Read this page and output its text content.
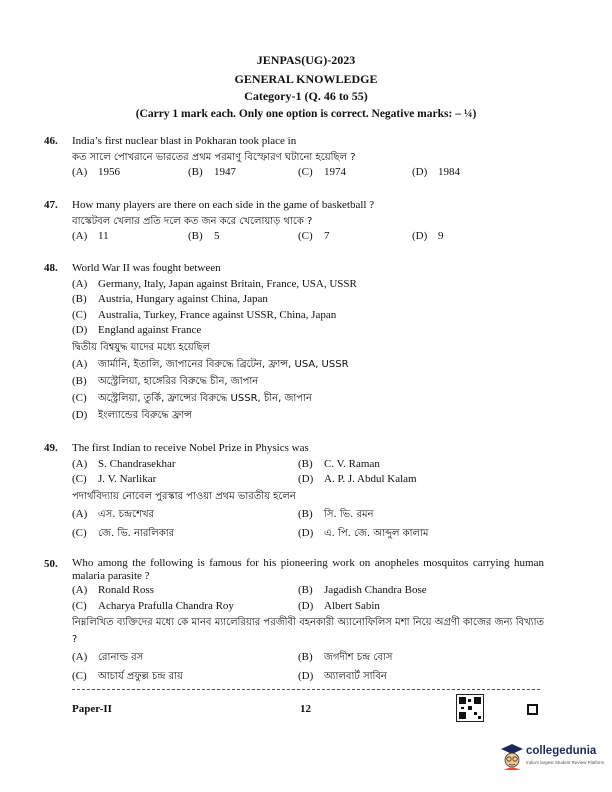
JENPAS(UG)-2023
GENERAL KNOWLEDGE
Category-1 (Q. 46 to 55)
(Carry 1 mark each. Only one option is correct. Negative marks: – ¼)
46. India’s first nuclear blast in Pokharan took place in
কত সালে পোখরানে ভারতের প্রথম পরমাণু বিস্ফোরণ ঘটানো হয়েছিল ?
(A) 1956	(B) 1947	(C) 1974	(D) 1984
47. How many players are there on each side in the game of basketball ?
বাস্কেটবল খেলার প্রতি দলে কত জন করে খেলোয়াড় থাকে ?
(A) 11	(B) 5	(C) 7	(D) 9
48. World War II was fought between
(A) Germany, Italy, Japan against Britain, France, USA, USSR
(B) Austria, Hungary against China, Japan
(C) Australia, Turkey, France against USSR, China, Japan
(D) England against France
দ্বিতীয় বিশ্বযুদ্ধ যাদের মধ্যে হয়েছিল
(A) জার্মানি, ইতালি, জাপানের বিরুদ্ধে ব্রিটেন, ফ্রান্স, USA, USSR
(B) অস্ট্রেলিয়া, হাঙ্গেরির বিরুদ্ধে চীন, জাপান
(C) অস্ট্রেলিয়া, তুর্কি, ফ্রান্সের বিরুদ্ধে USSR, চীন, জাপান
(D) ইংল্যান্ডের বিরুদ্ধে ফ্রান্স
49. The first Indian to receive Nobel Prize in Physics was
(A) S. Chandrasekhar	(B) C. V. Raman
(C) J. V. Narlikar	(D) A. P. J. Abdul Kalam
পদার্থবিদ্যায় নোবেল পুরস্কার পাওয়া প্রথম ভারতীয় হলেন
(A) এস. চন্দ্রশেখর	(B) সি. ভি. রমন
(C) জে. ভি. নারলিকার	(D) এ. পি. জে. আব্দুল কালাম
50. Who among the following is famous for his pioneering work on anopheles mosquitos carrying human malaria parasite ?
(A) Ronald Ross	(B) Jagadish Chandra Bose
(C) Acharya Prafulla Chandra Roy	(D) Albert Sabin
নিম্নলিখিত ব্যক্তিদের মধ্যে কে মানব ম্যালেরিয়ার পরজীবী বহনকারী অ্যানোফিলিস মশা নিয়ে অগ্রণী কাজের জন্য বিখ্যাত ?
(A) রোনাল্ড রস	(B) জগদীশ চন্দ্র বোস
(C) আচার্য প্রফুল্ল চন্দ্র রায়	(D) অ্যালবার্ট সাবিন
Paper-II	12
collegedunia
India's largest Student Review Platform
